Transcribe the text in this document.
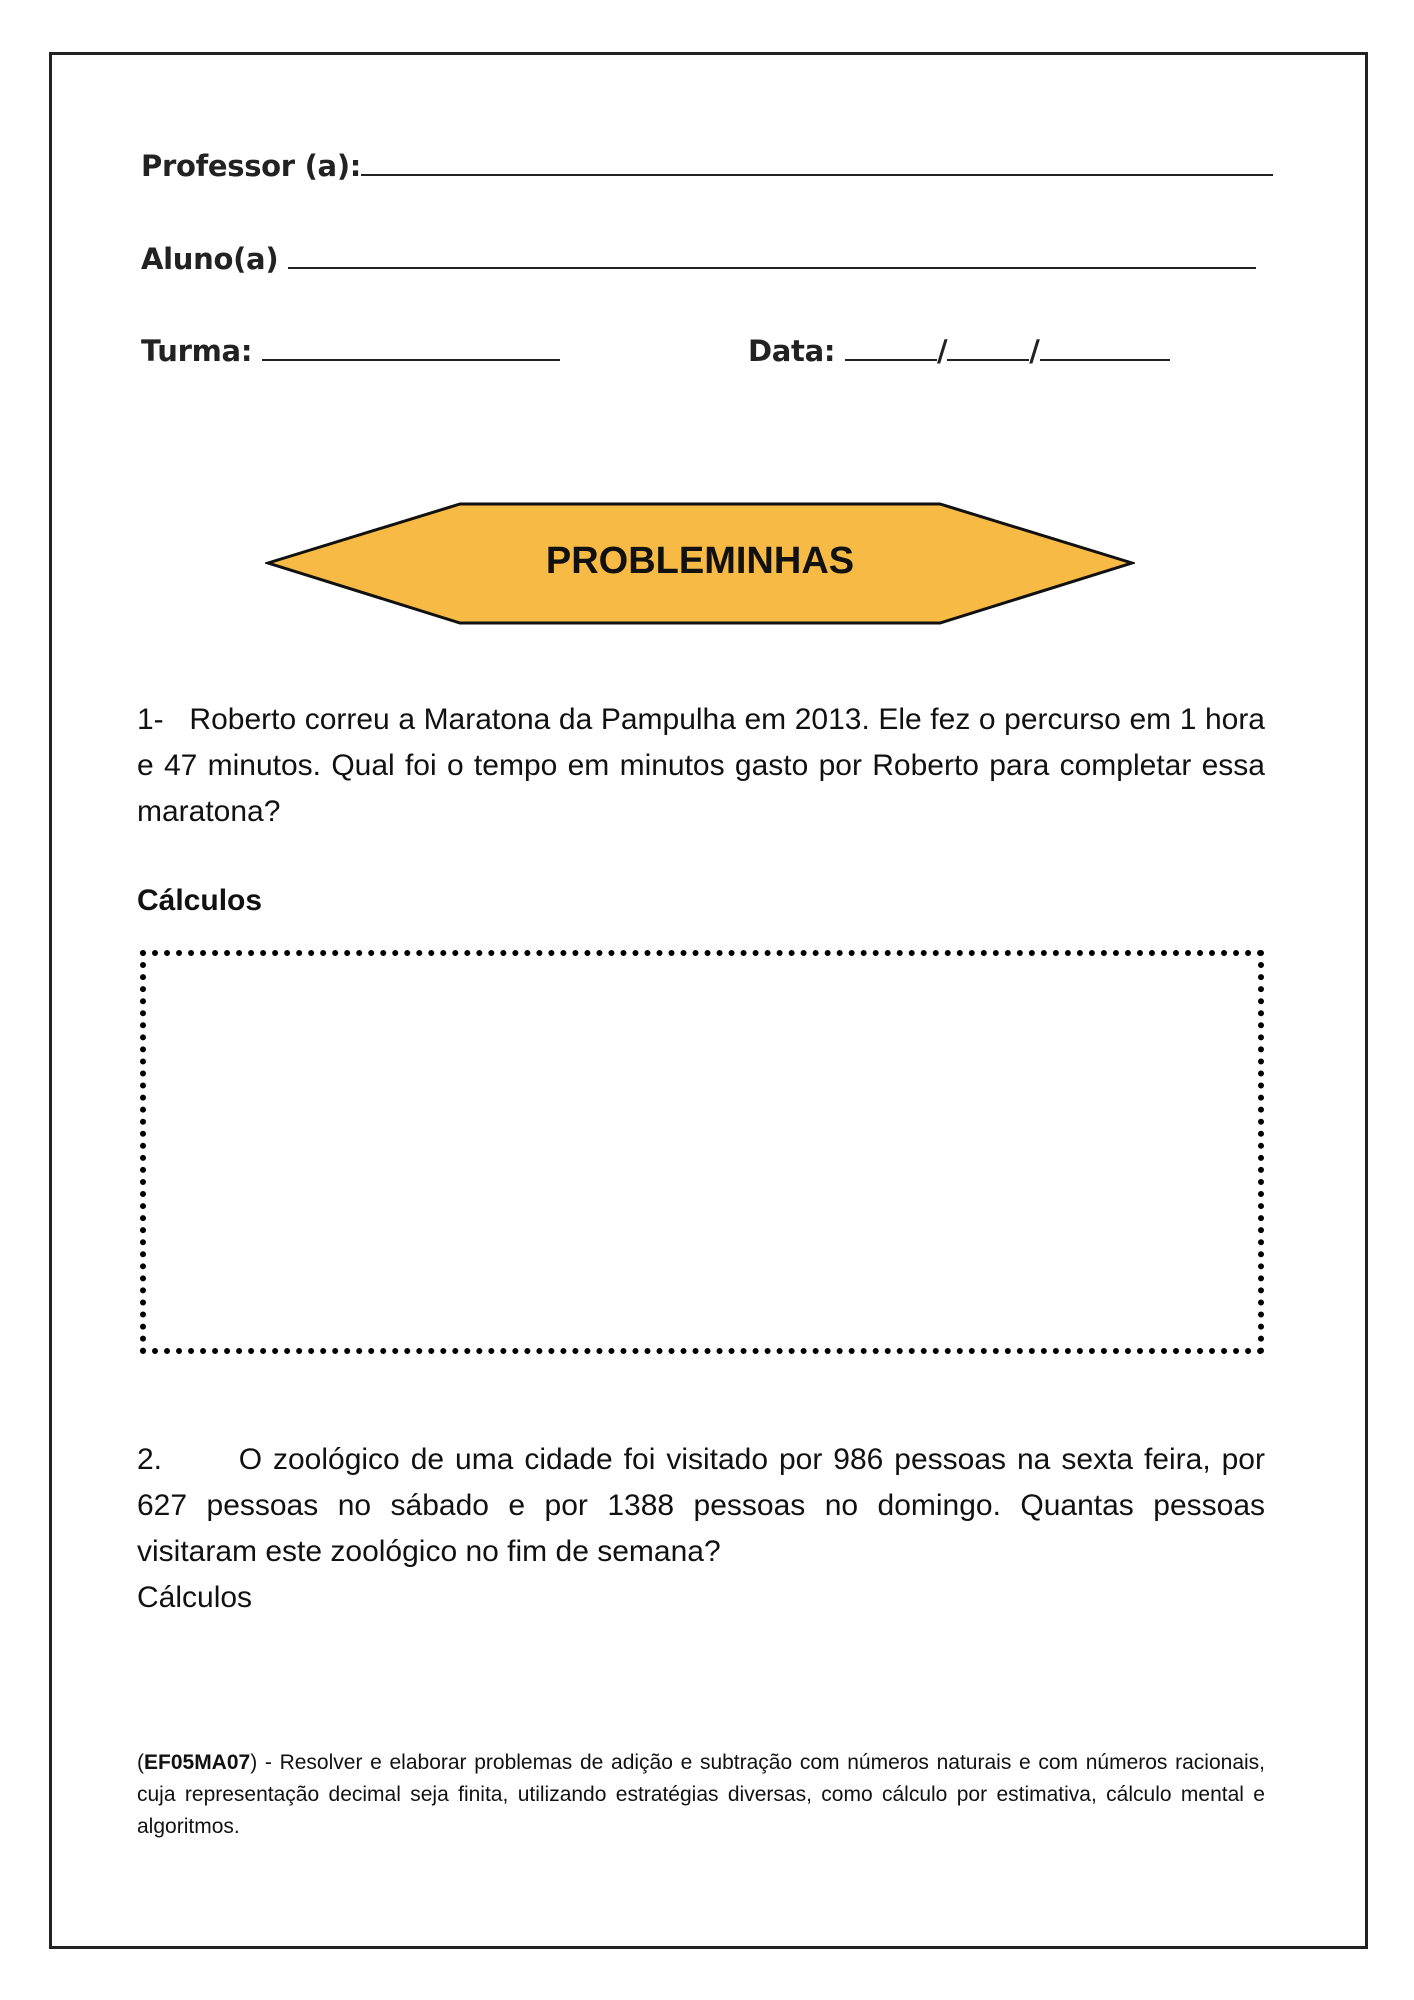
Professor (a):
Aluno(a)
Turma:	Data:	/	/
PROBLEMINHAS
1- Roberto correu a Maratona da Pampulha em 2013. Ele fez o percurso em 1 hora e 47 minutos. Qual foi o tempo em minutos gasto por Roberto para completar essa maratona?
Cálculos
2.	O zoológico de uma cidade foi visitado por 986 pessoas na sexta feira, por 627 pessoas no sábado e por 1388 pessoas no domingo. Quantas pessoas visitaram este zoológico no fim de semana?
Cálculos
(EF05MA07) - Resolver e elaborar problemas de adição e subtração com números naturais e com números racionais, cuja representação decimal seja finita, utilizando estratégias diversas, como cálculo por estimativa, cálculo mental e algoritmos.
